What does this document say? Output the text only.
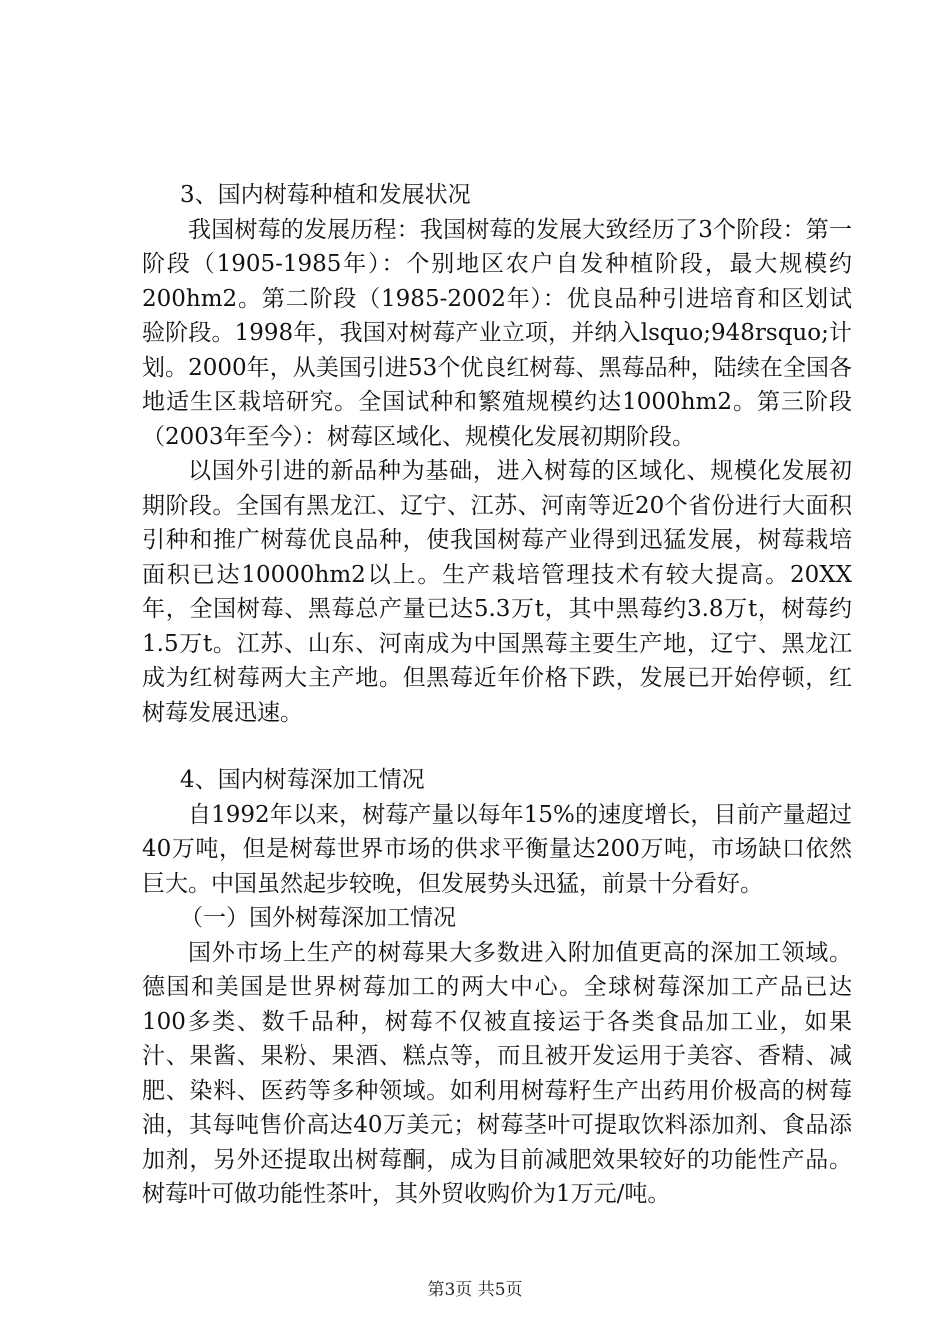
3、国内树莓种植和发展状况

我国树莓的发展历程：我国树莓的发展大致经历了3个阶段：第一阶段（1905-1985年）：个别地区农户自发种植阶段，最大规模约200hm2。第二阶段（1985-2002年）：优良品种引进培育和区划试验阶段。1998年，我国对树莓产业立项，并纳入lsquo;948rsquo;计划。2000年，从美国引进53个优良红树莓、黑莓品种，陆续在全国各地适生区栽培研究。全国试种和繁殖规模约达1000hm2。第三阶段（2003年至今）：树莓区域化、规模化发展初期阶段。

以国外引进的新品种为基础，进入树莓的区域化、规模化发展初期阶段。全国有黑龙江、辽宁、江苏、河南等近20个省份进行大面积引种和推广树莓优良品种，使我国树莓产业得到迅猛发展，树莓栽培面积已达10000hm2以上。生产栽培管理技术有较大提高。20XX年，全国树莓、黑莓总产量已达5.3万t，其中黑莓约3.8万t，树莓约1.5万t。江苏、山东、河南成为中国黑莓主要生产地，辽宁、黑龙江成为红树莓两大主产地。但黑莓近年价格下跌，发展已开始停顿，红树莓发展迅速。

4、国内树莓深加工情况

自1992年以来，树莓产量以每年15%的速度增长，目前产量超过40万吨，但是树莓世界市场的供求平衡量达200万吨，市场缺口依然巨大。中国虽然起步较晚，但发展势头迅猛，前景十分看好。

（一）国外树莓深加工情况

国外市场上生产的树莓果大多数进入附加值更高的深加工领域。德国和美国是世界树莓加工的两大中心。全球树莓深加工产品已达100多类、数千品种，树莓不仅被直接运于各类食品加工业，如果汁、果酱、果粉、果酒、糕点等，而且被开发运用于美容、香精、减肥、染料、医药等多种领域。如利用树莓籽生产出药用价极高的树莓油，其每吨售价高达40万美元；树莓茎叶可提取饮料添加剂、食品添加剂，另外还提取出树莓酮，成为目前减肥效果较好的功能性产品。树莓叶可做功能性茶叶，其外贸收购价为1万元/吨。

第3页 共5页
